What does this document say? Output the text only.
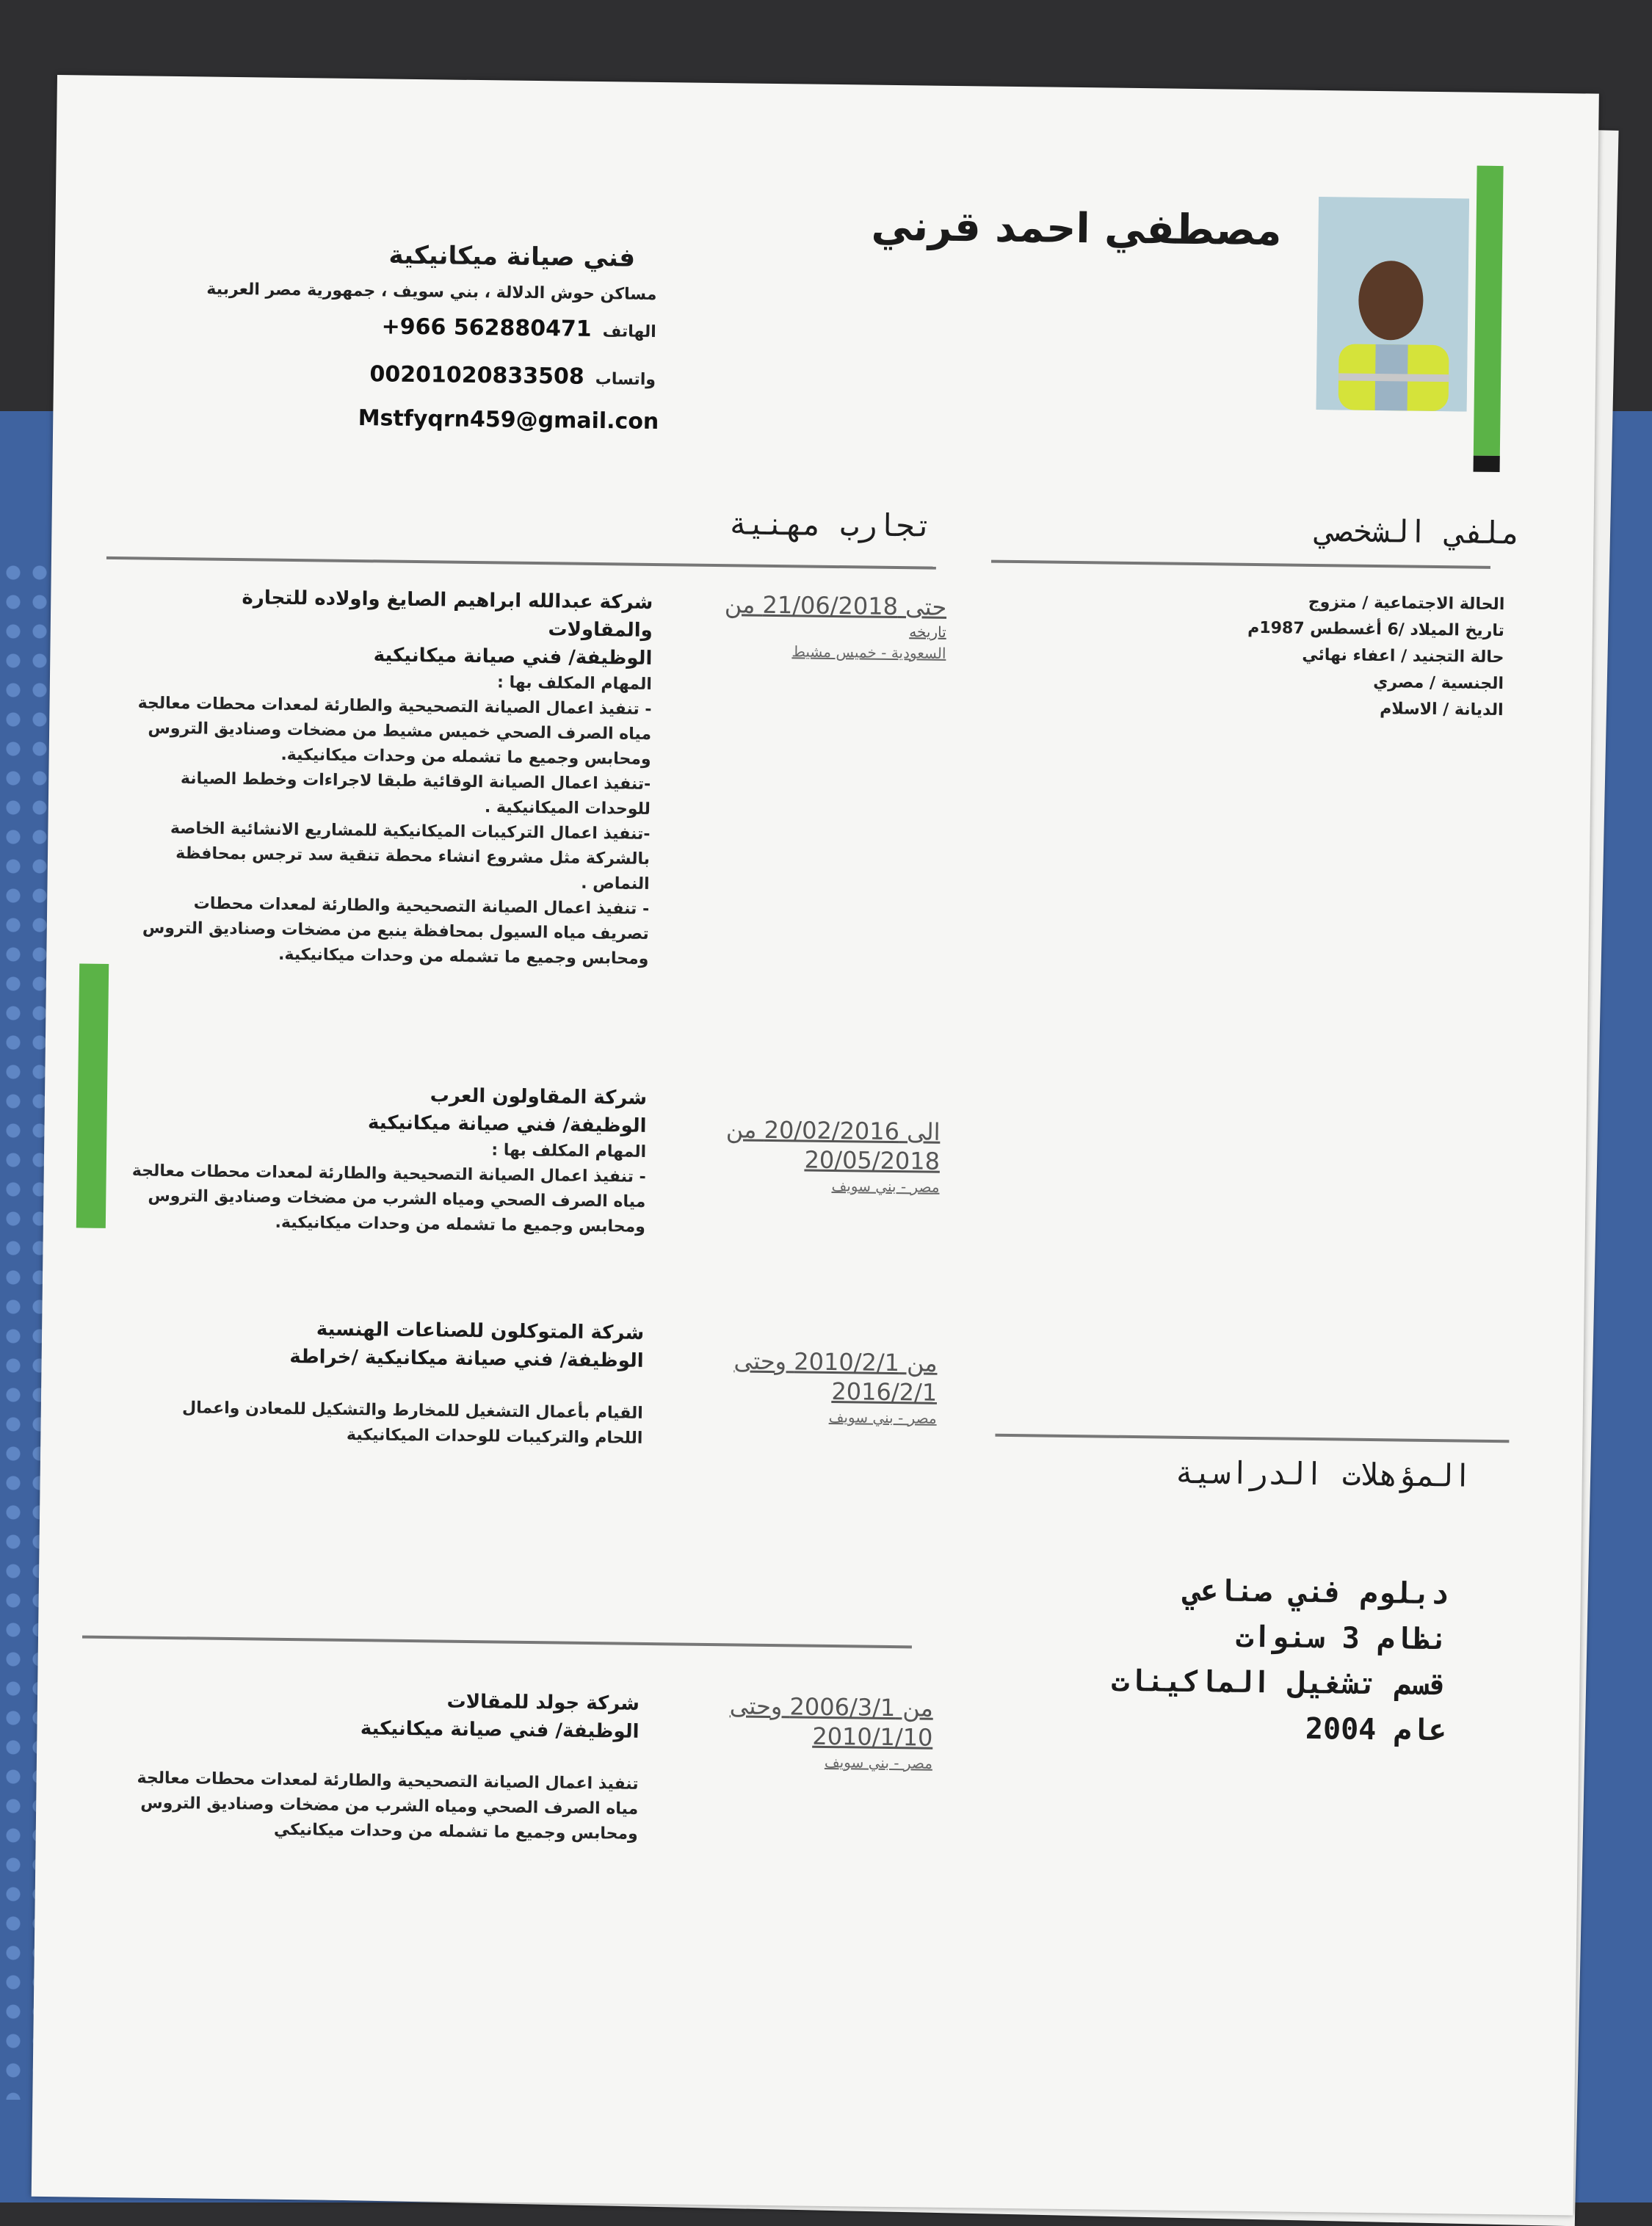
مصطفي احمد قرني
فني صيانة ميكانيكية
مساكن حوش الدلالة ، بني سويف ، جمهورية مصر العربية
الهاتف +966 562880471
واتساب 00201020833508
Mstfyqrn459@gmail.con
ملفي الشخصي
تجارب مهنية
الحالة الاجتماعية / متزوج
تاريخ الميلاد /6 أغسطس 1987م
حالة التجنيد / اعفاء نهائي
الجنسية / مصري
الديانة / الاسلام
حتى 21/06/2018 من
تاريخه
السعودية - خميس مشيط
شركة عبدالله ابراهيم الصايغ واولاده للتجارة والمقاولات
الوظيفة/ فني صيانة ميكانيكية
المهام المكلف بها :
- تنفيذ اعمال الصيانة التصحيحية والطارئة لمعدات محطات معالجة مياه الصرف الصحي خميس مشيط من مضخات وصناديق التروس ومحابس وجميع ما تشمله من وحدات ميكانيكية.
-تنفيذ اعمال الصيانة الوقائية طبقا لاجراءات وخطط الصيانة للوحدات الميكانيكية .
-تنفيذ اعمال التركيبات الميكانيكية للمشاريع الانشائية الخاصة بالشركة مثل مشروع انشاء محطة تنقية سد ترجس بمحافظة النماص .
- تنفيذ اعمال الصيانة التصحيحية والطارئة لمعدات محطات تصريف مياه السيول بمحافظة ينبع من مضخات وصناديق التروس ومحابس وجميع ما تشمله من وحدات ميكانيكية.
الى 20/02/2016 من
20/05/2018
مصر - بني سويف
شركة المقاولون العرب
الوظيفة/ فني صيانة ميكانيكية
المهام المكلف بها :
- تنفيذ اعمال الصيانة التصحيحية والطارئة لمعدات محطات معالجة مياه الصرف الصحي ومياه الشرب من مضخات وصناديق التروس ومحابس وجميع ما تشمله من وحدات ميكانيكية.
من 2010/2/1 وحتى
2016/2/1
مصر - بني سويف
شركة المتوكلون للصناعات الهنسية
الوظيفة/ فني صيانة ميكانيكية /خراطة
القيام بأعمال التشغيل للمخارط والتشكيل للمعادن واعمال اللحام والتركيبات للوحدات الميكانيكية
من 2006/3/1 وحتى
2010/1/10
مصر - بني سويف
شركة جولد للمقالات
الوظيفة/ فني صيانة ميكانيكية
تنفيذ اعمال الصيانة التصحيحية والطارئة لمعدات محطات معالجة مياه الصرف الصحي ومياه الشرب من مضخات وصناديق التروس ومحابس وجميع ما تشمله من وحدات ميكانيكي
المؤهلات الدراسية
دبلوم فني صناعي
نظام 3 سنوات
قسم تشغيل الماكينات
عام 2004
